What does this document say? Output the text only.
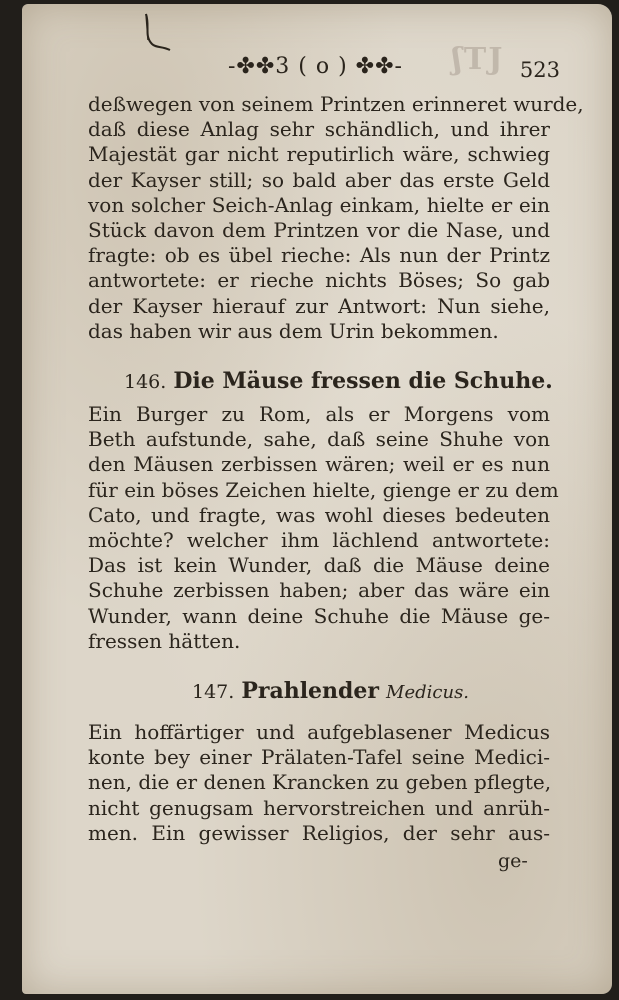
ʃTJ
-✤✤3 ( o ) ✤✤-	523
deßwegen von seinem Printzen erinneret wurde,
daß diese Anlag sehr schändlich, und ihrer
Majestät gar nicht reputirlich wäre, schwieg
der Kayser still; so bald aber das erste Geld
von solcher Seich-Anlag einkam, hielte er ein
Stück davon dem Printzen vor die Nase, und
fragte: ob es übel rieche: Als nun der Printz
antwortete: er rieche nichts Böses; So gab
der Kayser hierauf zur Antwort: Nun siehe,
das haben wir aus dem Urin bekommen.
146. Die Mäuse fressen die Schuhe.
Ein Burger zu Rom, als er Morgens vom
Beth aufstunde, sahe, daß seine Shuhe von
den Mäusen zerbissen wären; weil er es nun
für ein böses Zeichen hielte, gienge er zu dem
Cato, und fragte, was wohl dieses bedeuten
möchte? welcher ihm lächlend antwortete:
Das ist kein Wunder, daß die Mäuse deine
Schuhe zerbissen haben; aber das wäre ein
Wunder, wann deine Schuhe die Mäuse ge-
fressen hätten.
147. Prahlender Medicus.
Ein hoffärtiger und aufgeblasener Medicus
konte bey einer Prälaten-Tafel seine Medici-
nen, die er denen Krancken zu geben pflegte,
nicht genugsam hervorstreichen und anrüh-
men. Ein gewisser Religios, der sehr aus-
ge-
